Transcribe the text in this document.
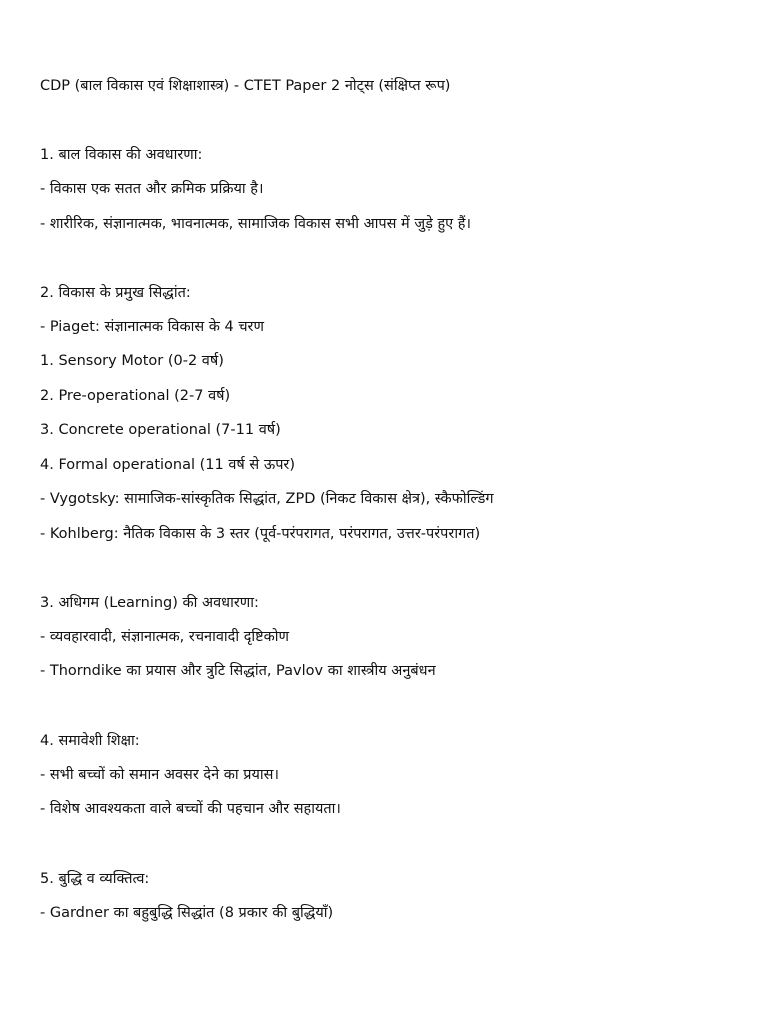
CDP (बाल विकास एवं शिक्षाशास्त्र) - CTET Paper 2 नोट्स (संक्षिप्त रूप)
1. बाल विकास की अवधारणा:
- विकास एक सतत और क्रमिक प्रक्रिया है।
- शारीरिक, संज्ञानात्मक, भावनात्मक, सामाजिक विकास सभी आपस में जुड़े हुए हैं।
2. विकास के प्रमुख सिद्धांत:
- Piaget: संज्ञानात्मक विकास के 4 चरण
1. Sensory Motor (0-2 वर्ष)
2. Pre-operational (2-7 वर्ष)
3. Concrete operational (7-11 वर्ष)
4. Formal operational (11 वर्ष से ऊपर)
- Vygotsky: सामाजिक-सांस्कृतिक सिद्धांत, ZPD (निकट विकास क्षेत्र), स्कैफोल्डिंग
- Kohlberg: नैतिक विकास के 3 स्तर (पूर्व-परंपरागत, परंपरागत, उत्तर-परंपरागत)
3. अधिगम (Learning) की अवधारणा:
- व्यवहारवादी, संज्ञानात्मक, रचनावादी दृष्टिकोण
- Thorndike का प्रयास और त्रुटि सिद्धांत, Pavlov का शास्त्रीय अनुबंधन
4. समावेशी शिक्षा:
- सभी बच्चों को समान अवसर देने का प्रयास।
- विशेष आवश्यकता वाले बच्चों की पहचान और सहायता।
5. बुद्धि व व्यक्तित्व:
- Gardner का बहुबुद्धि सिद्धांत (8 प्रकार की बुद्धियाँ)
